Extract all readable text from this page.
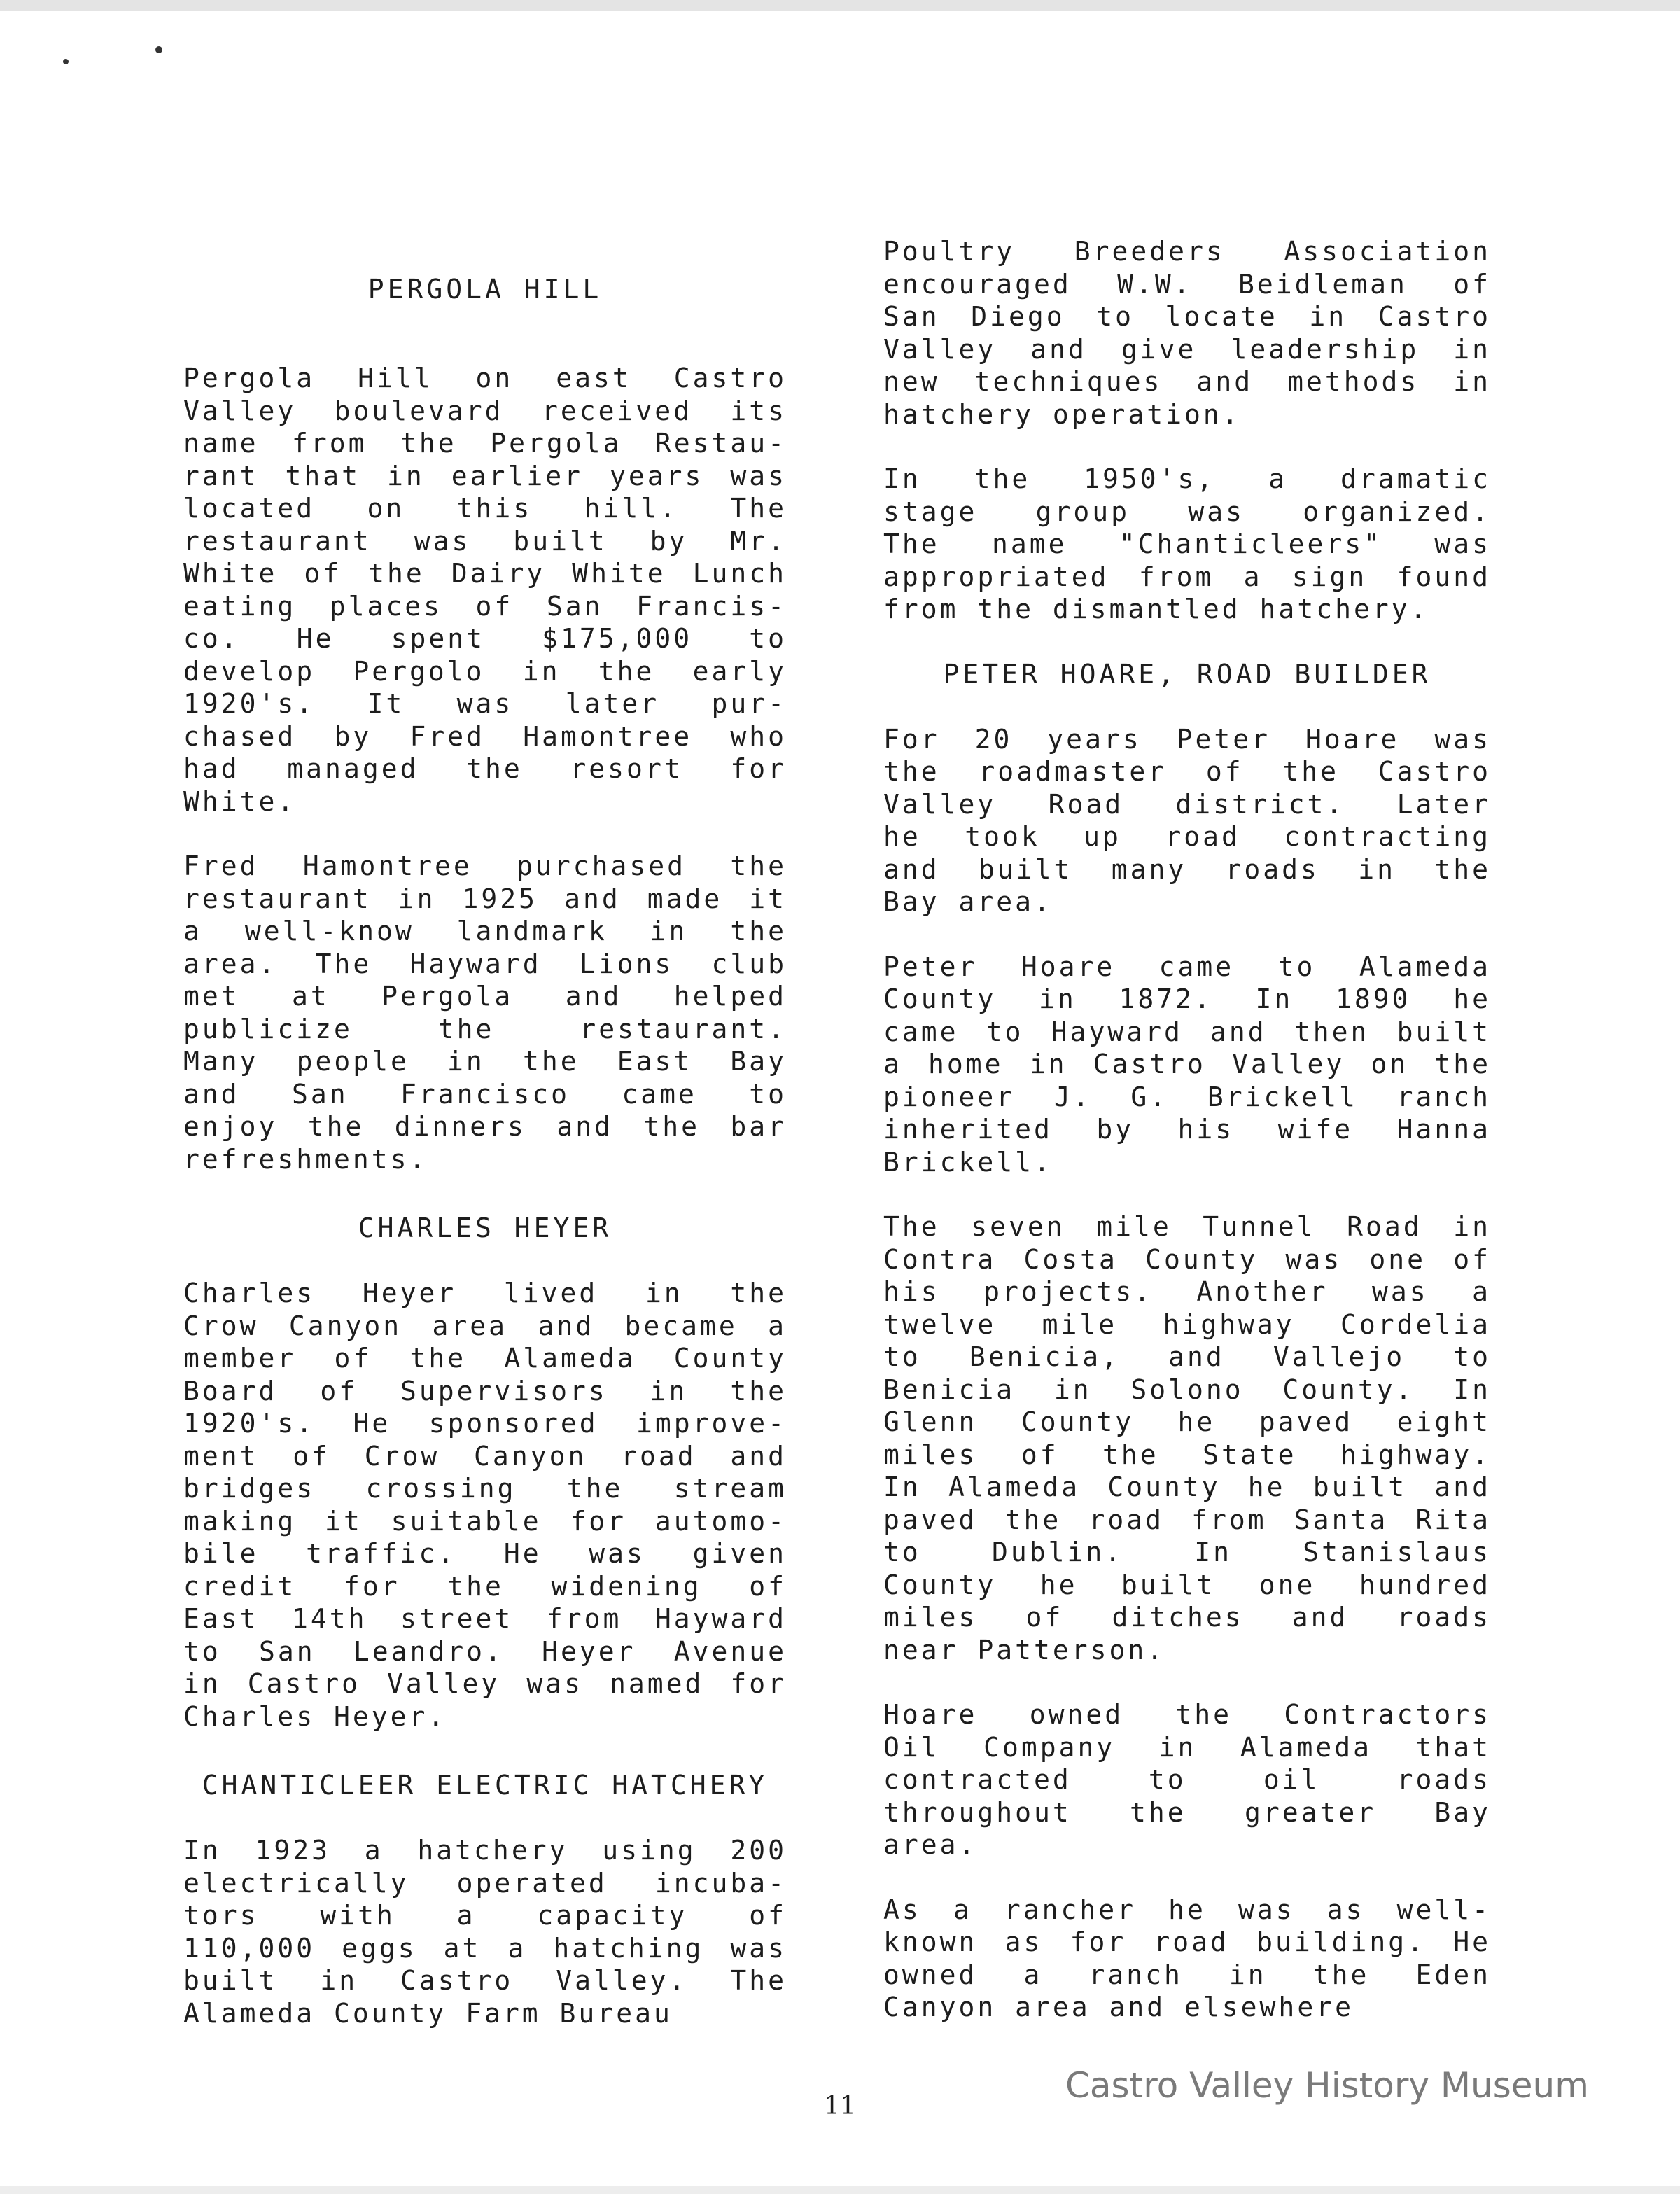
PERGOLA HILL
Pergola Hill on east Castro
Valley boulevard received its
name from the Pergola Restau-
rant that in earlier years was
located on this hill. The
restaurant was built by Mr.
White of the Dairy White Lunch
eating places of San Francis-
co. He spent $175,000 to
develop Pergolo in the early
1920's. It was later pur-
chased by Fred Hamontree who
had managed the resort for
White.
Fred Hamontree purchased the
restaurant in 1925 and made it
a well-know landmark in the
area. The Hayward Lions club
met at Pergola and helped
publicize the restaurant.
Many people in the East Bay
and San Francisco came to
enjoy the dinners and the bar
refreshments.
CHARLES HEYER
Charles Heyer lived in the
Crow Canyon area and became a
member of the Alameda County
Board of Supervisors in the
1920's. He sponsored improve-
ment of Crow Canyon road and
bridges crossing the stream
making it suitable for automo-
bile traffic. He was given
credit for the widening of
East 14th street from Hayward
to San Leandro. Heyer Avenue
in Castro Valley was named for
Charles Heyer.
CHANTICLEER ELECTRIC HATCHERY
In 1923 a hatchery using 200
electrically operated incuba-
tors with a capacity of
110,000 eggs at a hatching was
built in Castro Valley. The
Alameda County Farm Bureau
Poultry Breeders Association
encouraged W.W. Beidleman of
San Diego to locate in Castro
Valley and give leadership in
new techniques and methods in
hatchery operation.
In the 1950's, a dramatic
stage group was organized.
The name "Chanticleers" was
appropriated from a sign found
from the dismantled hatchery.
PETER HOARE, ROAD BUILDER
For 20 years Peter Hoare was
the roadmaster of the Castro
Valley Road district. Later
he took up road contracting
and built many roads in the
Bay area.
Peter Hoare came to Alameda
County in 1872. In 1890 he
came to Hayward and then built
a home in Castro Valley on the
pioneer J. G. Brickell ranch
inherited by his wife Hanna
Brickell.
The seven mile Tunnel Road in
Contra Costa County was one of
his projects. Another was a
twelve mile highway Cordelia
to Benicia, and Vallejo to
Benicia in Solono County. In
Glenn County he paved eight
miles of the State highway.
In Alameda County he built and
paved the road from Santa Rita
to Dublin. In Stanislaus
County he built one hundred
miles of ditches and roads
near Patterson.
Hoare owned the Contractors
Oil Company in Alameda that
contracted to oil roads
throughout the greater Bay
area.
As a rancher he was as well-
known as for road building. He
owned a ranch in the Eden
Canyon area and elsewhere
11
Castro Valley History Museum
